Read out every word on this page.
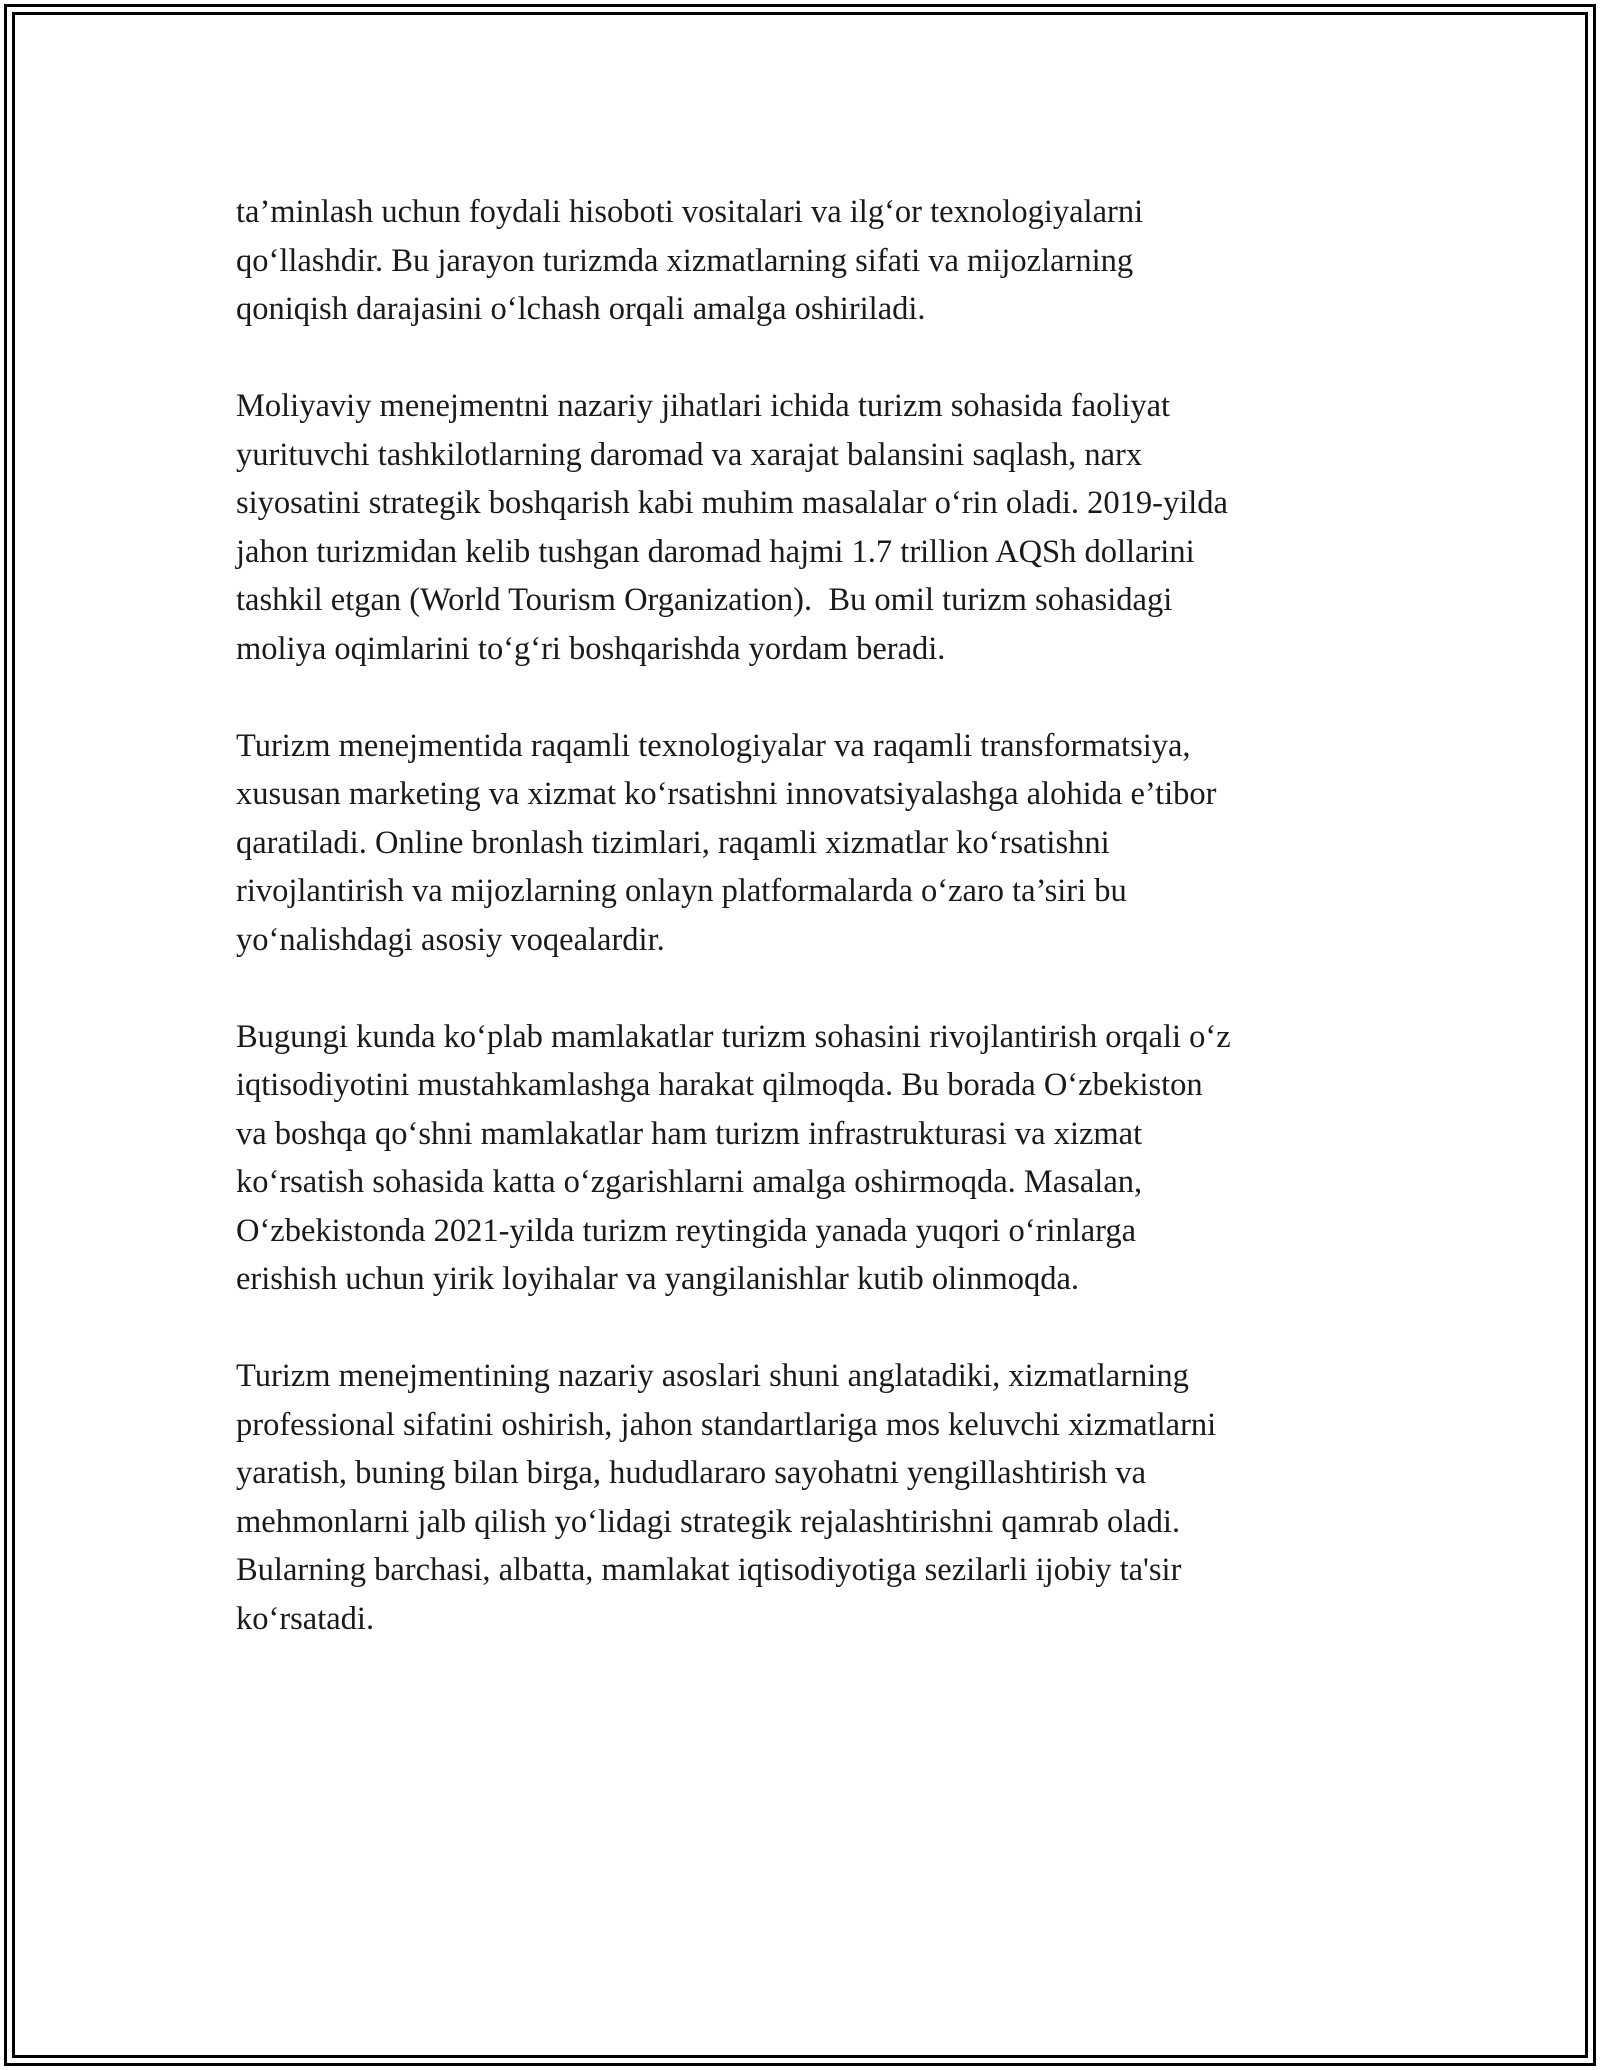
ta’minlash uchun foydali hisoboti vositalari va ilg‘or texnologiyalarni
qo‘llashdir. Bu jarayon turizmda xizmatlarning sifati va mijozlarning
qoniqish darajasini o‘lchash orqali amalga oshiriladi.

Moliyaviy menejmentni nazariy jihatlari ichida turizm sohasida faoliyat
yurituvchi tashkilotlarning daromad va xarajat balansini saqlash, narx
siyosatini strategik boshqarish kabi muhim masalalar o‘rin oladi. 2019-yilda
jahon turizmidan kelib tushgan daromad hajmi 1.7 trillion AQSh dollarini
tashkil etgan (World Tourism Organization).  Bu omil turizm sohasidagi
moliya oqimlarini to‘g‘ri boshqarishda yordam beradi.

Turizm menejmentida raqamli texnologiyalar va raqamli transformatsiya,
xususan marketing va xizmat ko‘rsatishni innovatsiyalashga alohida e’tibor
qaratiladi. Online bronlash tizimlari, raqamli xizmatlar ko‘rsatishni
rivojlantirish va mijozlarning onlayn platformalarda o‘zaro ta’siri bu
yo‘nalishdagi asosiy voqealardir.

Bugungi kunda ko‘plab mamlakatlar turizm sohasini rivojlantirish orqali o‘z
iqtisodiyotini mustahkamlashga harakat qilmoqda. Bu borada O‘zbekiston
va boshqa qo‘shni mamlakatlar ham turizm infrastrukturasi va xizmat
ko‘rsatish sohasida katta o‘zgarishlarni amalga oshirmoqda. Masalan,
O‘zbekistonda 2021-yilda turizm reytingida yanada yuqori o‘rinlarga
erishish uchun yirik loyihalar va yangilanishlar kutib olinmoqda.

Turizm menejmentining nazariy asoslari shuni anglatadiki, xizmatlarning
professional sifatini oshirish, jahon standartlariga mos keluvchi xizmatlarni
yaratish, buning bilan birga, hududlararo sayohatni yengillashtirish va
mehmonlarni jalb qilish yo‘lidagi strategik rejalashtirishni qamrab oladi.
Bularning barchasi, albatta, mamlakat iqtisodiyotiga sezilarli ijobiy ta'sir
ko‘rsatadi.
